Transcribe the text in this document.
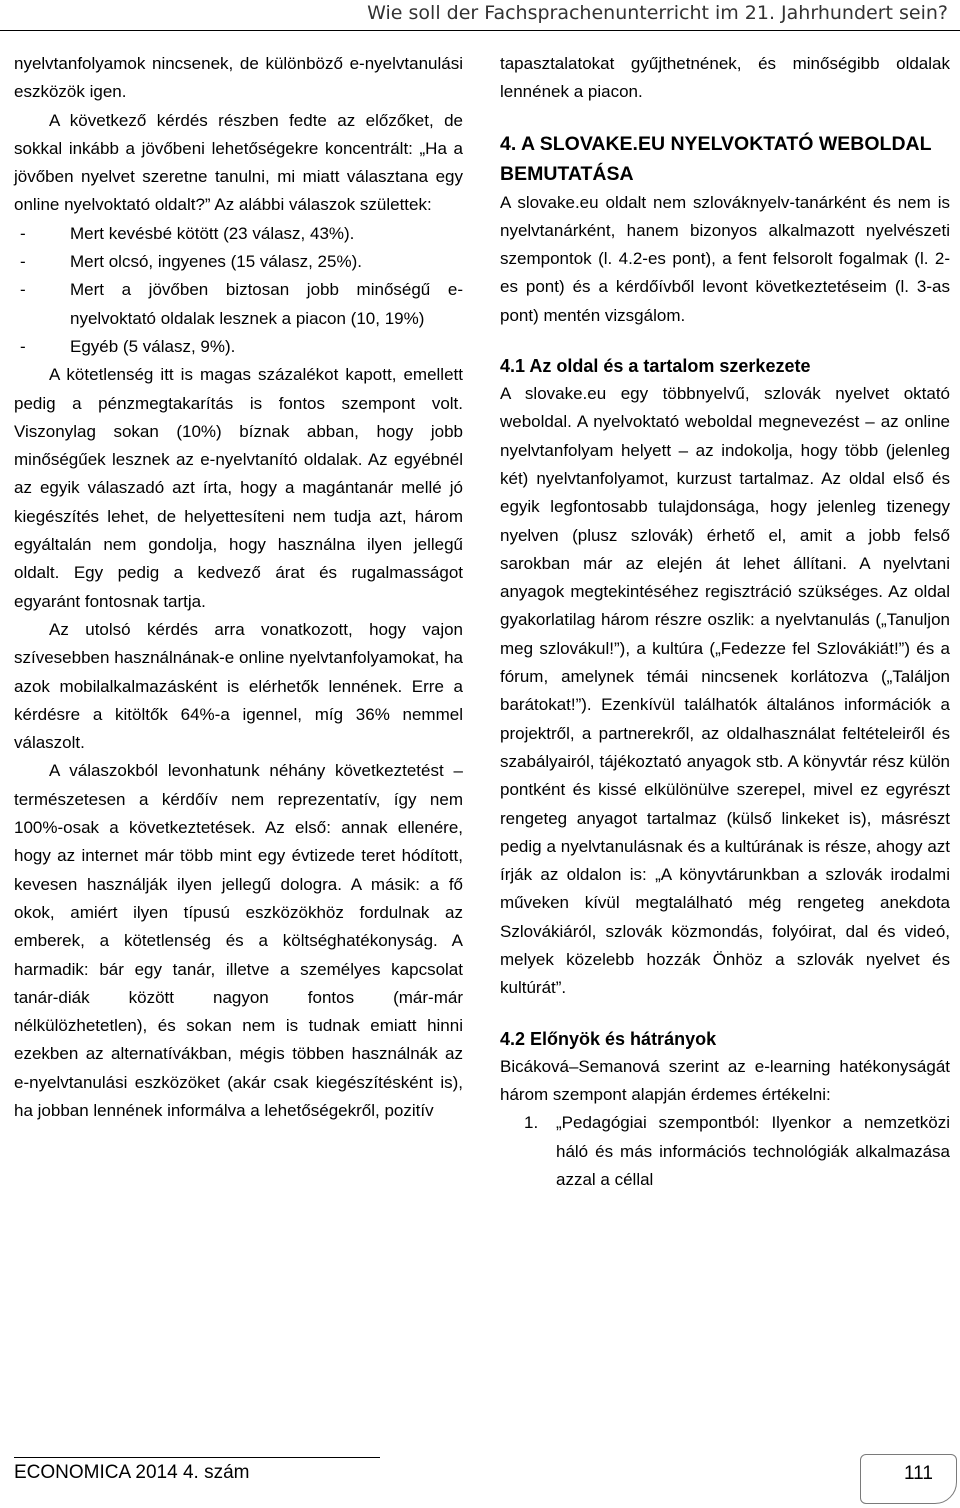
Wie soll der Fachsprachenunterricht im 21. Jahrhundert sein?

nyelvtanfolyamok nincsenek, de különböző e-nyelvtanulási eszközök igen.

A következő kérdés részben fedte az előzőket, de sokkal inkább a jövőbeni lehetőségekre koncentrált: „Ha a jövőben nyelvet szeretne tanulni, mi miatt választana egy online nyelvoktató oldalt?” Az alábbi válaszok születtek:

-	Mert kevésbé kötött (23 válasz, 43%).
-	Mert olcsó, ingyenes (15 válasz, 25%).
-	Mert a jövőben biztosan jobb minőségű e-nyelvoktató oldalak lesznek a piacon (10, 19%)
-	Egyéb (5 válasz, 9%).

A kötetlenség itt is magas százalékot kapott, emellett pedig a pénzmegtakarítás is fontos szempont volt. Viszonylag sokan (10%) bíznak abban, hogy jobb minőségűek lesznek az e-nyelvtanító oldalak. Az egyébnél az egyik válaszadó azt írta, hogy a magántanár mellé jó kiegészítés lehet, de helyettesíteni nem tudja azt, három egyáltalán nem gondolja, hogy használna ilyen jellegű oldalt. Egy pedig a kedvező árat és rugalmasságot egyaránt fontosnak tartja.

Az utolsó kérdés arra vonatkozott, hogy vajon szívesebben használnának-e online nyelvtanfolyamokat, ha azok mobilalkalmazásként is elérhetők lennének. Erre a kérdésre a kitöltők 64%-a igennel, míg 36% nemmel válaszolt.

A válaszokból levonhatunk néhány következtetést – természetesen a kérdőív nem reprezentatív, így nem 100%-osak a következtetések. Az első: annak ellenére, hogy az internet már több mint egy évtizede teret hódított, kevesen használják ilyen jellegű dologra. A másik: a fő okok, amiért ilyen típusú eszközökhöz fordulnak az emberek, a kötetlenség és a költséghatékonyság. A harmadik: bár egy tanár, illetve a személyes kapcsolat tanár-diák között nagyon fontos (már-már nélkülözhetetlen), és sokan nem is tudnak emiatt hinni ezekben az alternatívákban, mégis többen használnák az e-nyelvtanulási eszközöket (akár csak kiegészítésként is), ha jobban lennének informálva a lehetőségekről, pozitív

tapasztalatokat gyűjthetnének, és minőségibb oldalak lennének a piacon.

4. A SLOVAKE.EU NYELVOKTATÓ WEBOLDAL BEMUTATÁSA

A slovake.eu oldalt nem szlováknyelv-tanárként és nem is nyelvtanárként, hanem bizonyos alkalmazott nyelvészeti szempontok (l. 4.2-es pont), a fent felsorolt fogalmak (l. 2-es pont) és a kérdőívből levont következtetéseim (l. 3-as pont) mentén vizsgálom.

4.1 Az oldal és a tartalom szerkezete

A slovake.eu egy többnyelvű, szlovák nyelvet oktató weboldal. A nyelvoktató weboldal megnevezést – az online nyelvtanfolyam helyett – az indokolja, hogy több (jelenleg két) nyelvtanfolyamot, kurzust tartalmaz. Az oldal első és egyik legfontosabb tulajdonsága, hogy jelenleg tizenegy nyelven (plusz szlovák) érhető el, amit a jobb felső sarokban már az elején át lehet állítani. A nyelvtani anyagok megtekintéséhez regisztráció szükséges. Az oldal gyakorlatilag három részre oszlik: a nyelvtanulás („Tanuljon meg szlovákul!”), a kultúra („Fedezze fel Szlovákiát!”) és a fórum, amelynek témái nincsenek korlátozva („Találjon barátokat!”). Ezenkívül találhatók általános információk a projektről, a partnerekről, az oldalhasználat feltételeiről és szabályairól, tájékoztató anyagok stb. A könyvtár rész külön pontként és kissé elkülönülve szerepel, mivel ez egyrészt rengeteg anyagot tartalmaz (külső linkeket is), másrészt pedig a nyelvtanulásnak és a kultúrának is része, ahogy azt írják az oldalon is: „A könyvtárunkban a szlovák irodalmi műveken kívül megtalálható még rengeteg anekdota Szlovákiáról, szlovák közmondás, folyóirat, dal és videó, melyek közelebb hozzák Önhöz a szlovák nyelvet és kultúrát”.

4.2 Előnyök és hátrányok

Bicáková–Semanová szerint az e-learning hatékonyságát három szempont alapján érdemes értékelni:

1. „Pedagógiai szempontból: Ilyenkor a nemzetközi háló és más információs technológiák alkalmazása azzal a céllal
ECONOMICA 2014 4. szám	111
